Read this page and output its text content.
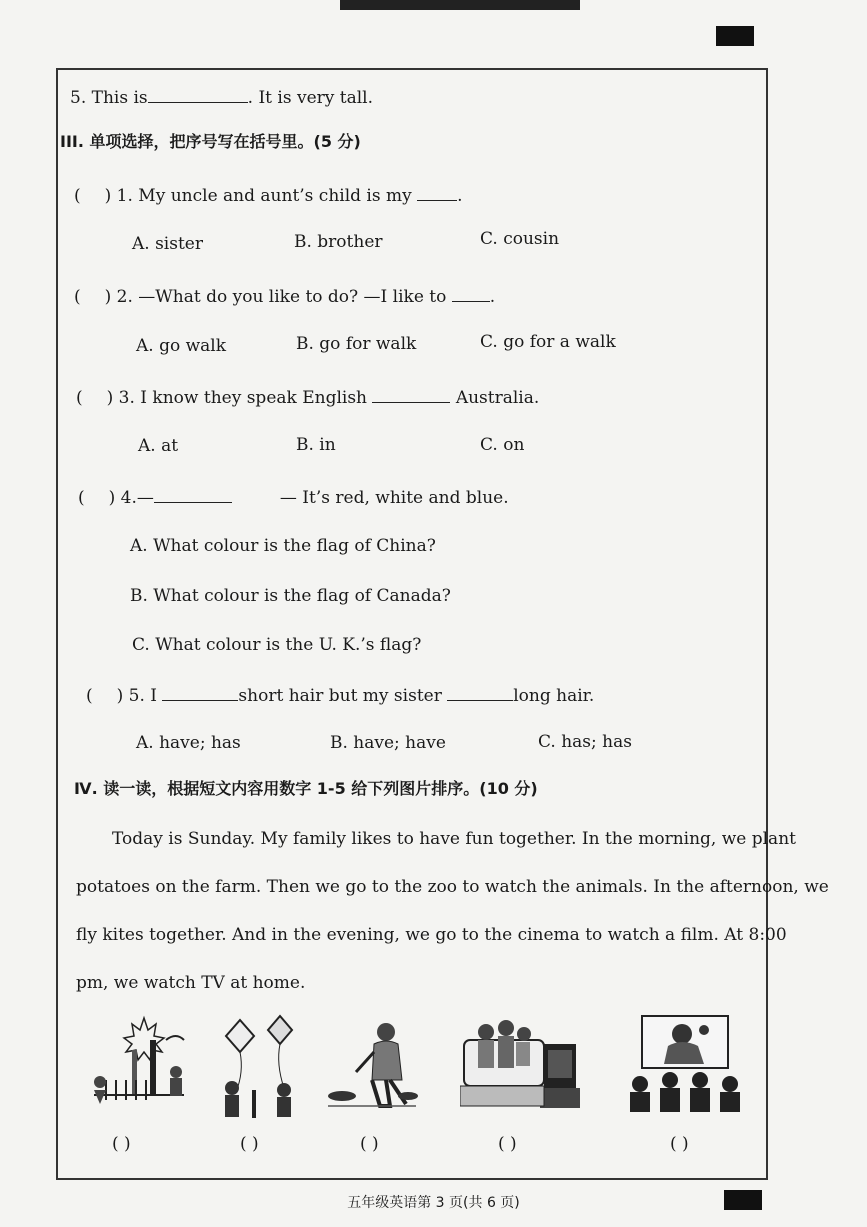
5. This is	. It is very tall.
III. 单项选择，把序号写在括号里。(5 分)
( ) 1. My uncle and aunt’s child is my	.
A. sister	B. brother	C. cousin
( ) 2. —What do you like to do? —I like to	.
A. go walk	B. go for walk	C. go for a walk
( ) 3. I know they speak English	Australia.
A. at	B. in	C. on
( ) 4.—	— It’s red, white and blue.
A. What colour is the flag of China?
B. What colour is the flag of Canada?
C. What colour is the U. K.’s flag?
( ) 5. I	short hair but my sister	long hair.
A. have; has	B. have; have	C. has; has
Ⅳ. 读一读，根据短文内容用数字 1-5 给下列图片排序。(10 分)
Today is Sunday. My family likes to have fun together. In the morning, we plant
potatoes on the farm. Then we go to the zoo to watch the animals. In the afternoon, we
fly kites together. And in the evening, we go to the cinema to watch a film. At 8:00
pm, we watch TV at home.
( )	( )	( )	( )	( )
五年级英语第 3 页(共 6 页)
